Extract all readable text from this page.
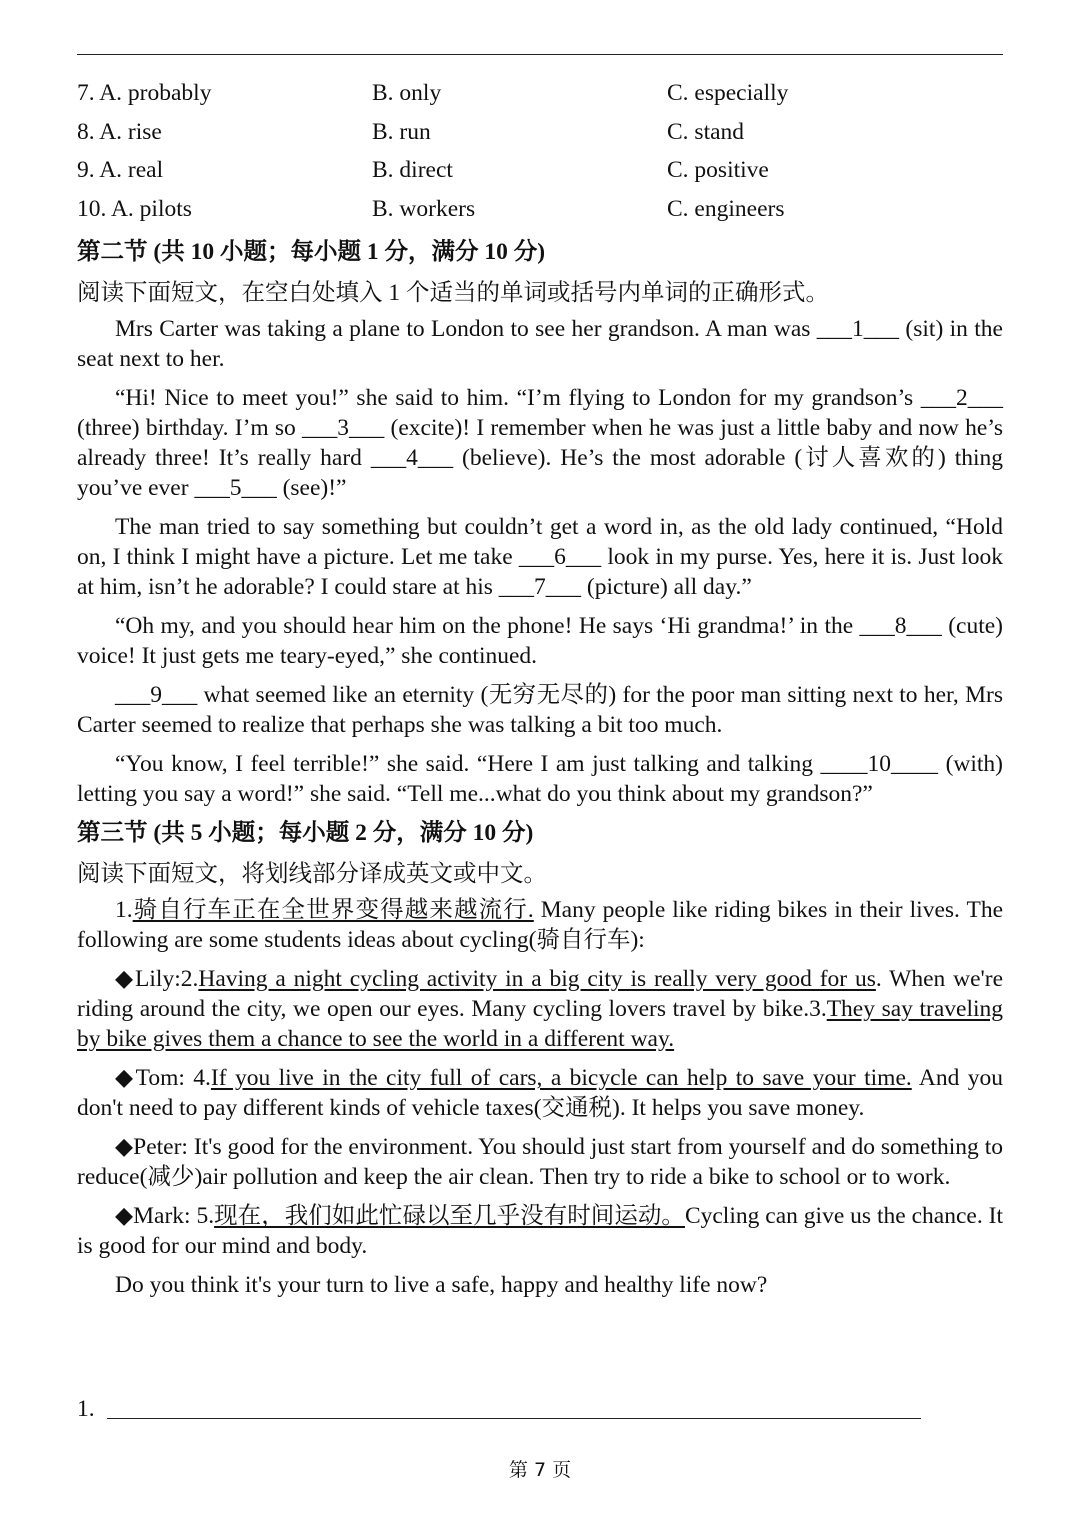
7. A. probably	B. only	C. especially
8. A. rise	B. run	C. stand
9. A. real	B. direct	C. positive
10. A. pilots	B. workers	C. engineers
第二节 (共 10 小题；每小题 1 分，满分 10 分)
阅读下面短文，在空白处填入 1 个适当的单词或括号内单词的正确形式。

Mrs Carter was taking a plane to London to see her grandson. A man was ___1___ (sit) in the seat next to her.

“Hi! Nice to meet you!” she said to him. “I’m flying to London for my grandson’s ___2___ (three) birthday. I’m so ___3___ (excite)! I remember when he was just a little baby and now he’s already three! It’s really hard ___4___ (believe). He’s the most adorable (讨人喜欢的) thing you’ve ever ___5___ (see)!”

The man tried to say something but couldn’t get a word in, as the old lady continued, “Hold on, I think I might have a picture. Let me take ___6___ look in my purse. Yes, here it is. Just look at him, isn’t he adorable? I could stare at his ___7___ (picture) all day.”

“Oh my, and you should hear him on the phone! He says ‘Hi grandma!’ in the ___8___ (cute) voice! It just gets me teary-eyed,” she continued.

___9___ what seemed like an eternity (无穷无尽的) for the poor man sitting next to her, Mrs Carter seemed to realize that perhaps she was talking a bit too much.

“You know, I feel terrible!” she said. “Here I am just talking and talking ____10____ (with) letting you say a word!” she said. “Tell me...what do you think about my grandson?”

第三节 (共 5 小题；每小题 2 分，满分 10 分)
阅读下面短文，将划线部分译成英文或中文。

1.骑自行车正在全世界变得越来越流行. Many people like riding bikes in their lives. The following are some students ideas about cycling(骑自行车):

◆Lily:2.Having a night cycling activity in a big city is really very good for us. When we're riding around the city, we open our eyes. Many cycling lovers travel by bike.3.They say traveling by bike gives them a chance to see the world in a different way.

◆Tom: 4.If you live in the city full of cars, a bicycle can help to save your time. And you don't need to pay different kinds of vehicle taxes(交通税). It helps you save money.

◆Peter: It's good for the environment. You should just start from yourself and do something to reduce(减少)air pollution and keep the air clean. Then try to ride a bike to school or to work.

◆Mark: 5.现在，我们如此忙碌以至几乎没有时间运动。Cycling can give us the chance. It is good for our mind and body.

Do you think it's your turn to live a safe, happy and healthy life now?

1.
第 7 页
